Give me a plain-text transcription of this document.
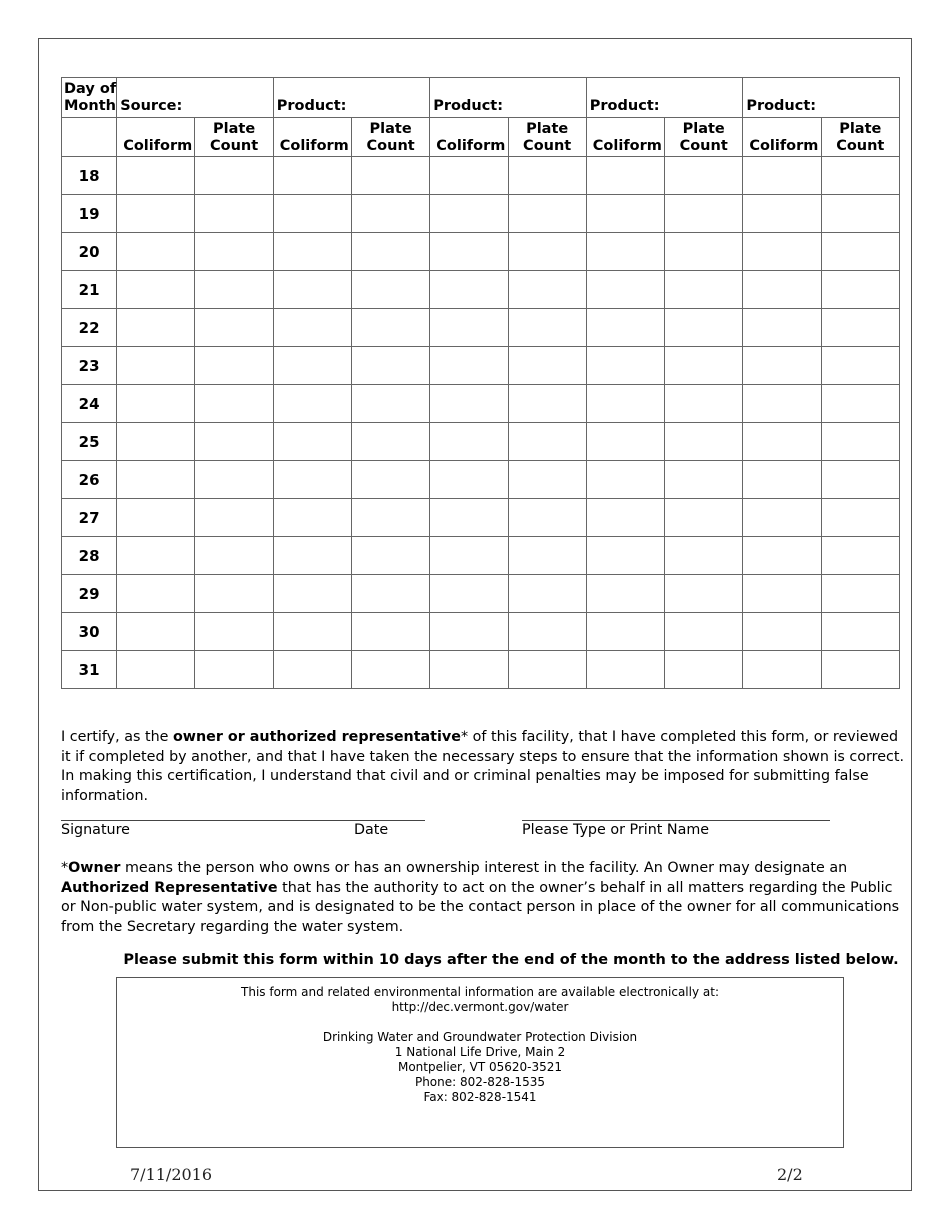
Day of Month	Source:		Product:		Product:		Product:		Product:	
	Coliform	Plate Count	Coliform	Plate Count	Coliform	Plate Count	Coliform	Plate Count	Coliform	Plate Count
18										
19										
20										
21										
22										
23										
24										
25										
26										
27										
28										
29										
30										
31										
I certify, as the owner or authorized representative* of this facility, that I have completed this form, or reviewed it if completed by another, and that I have taken the necessary steps to ensure that the information shown is correct. In making this certification, I understand that civil and or criminal penalties may be imposed for submitting false information.
Signature	Date	Please Type or Print Name
*Owner means the person who owns or has an ownership interest in the facility. An Owner may designate an Authorized Representative that has the authority to act on the owner’s behalf in all matters regarding the Public or Non-public water system, and is designated to be the contact person in place of the owner for all communications from the Secretary regarding the water system.
Please submit this form within 10 days after the end of the month to the address listed below.
This form and related environmental information are available electronically at:
http://dec.vermont.gov/water
Drinking Water and Groundwater Protection Division
1 National Life Drive, Main 2
Montpelier, VT 05620-3521
Phone: 802-828-1535
Fax: 802-828-1541
7/11/2016	2/2
